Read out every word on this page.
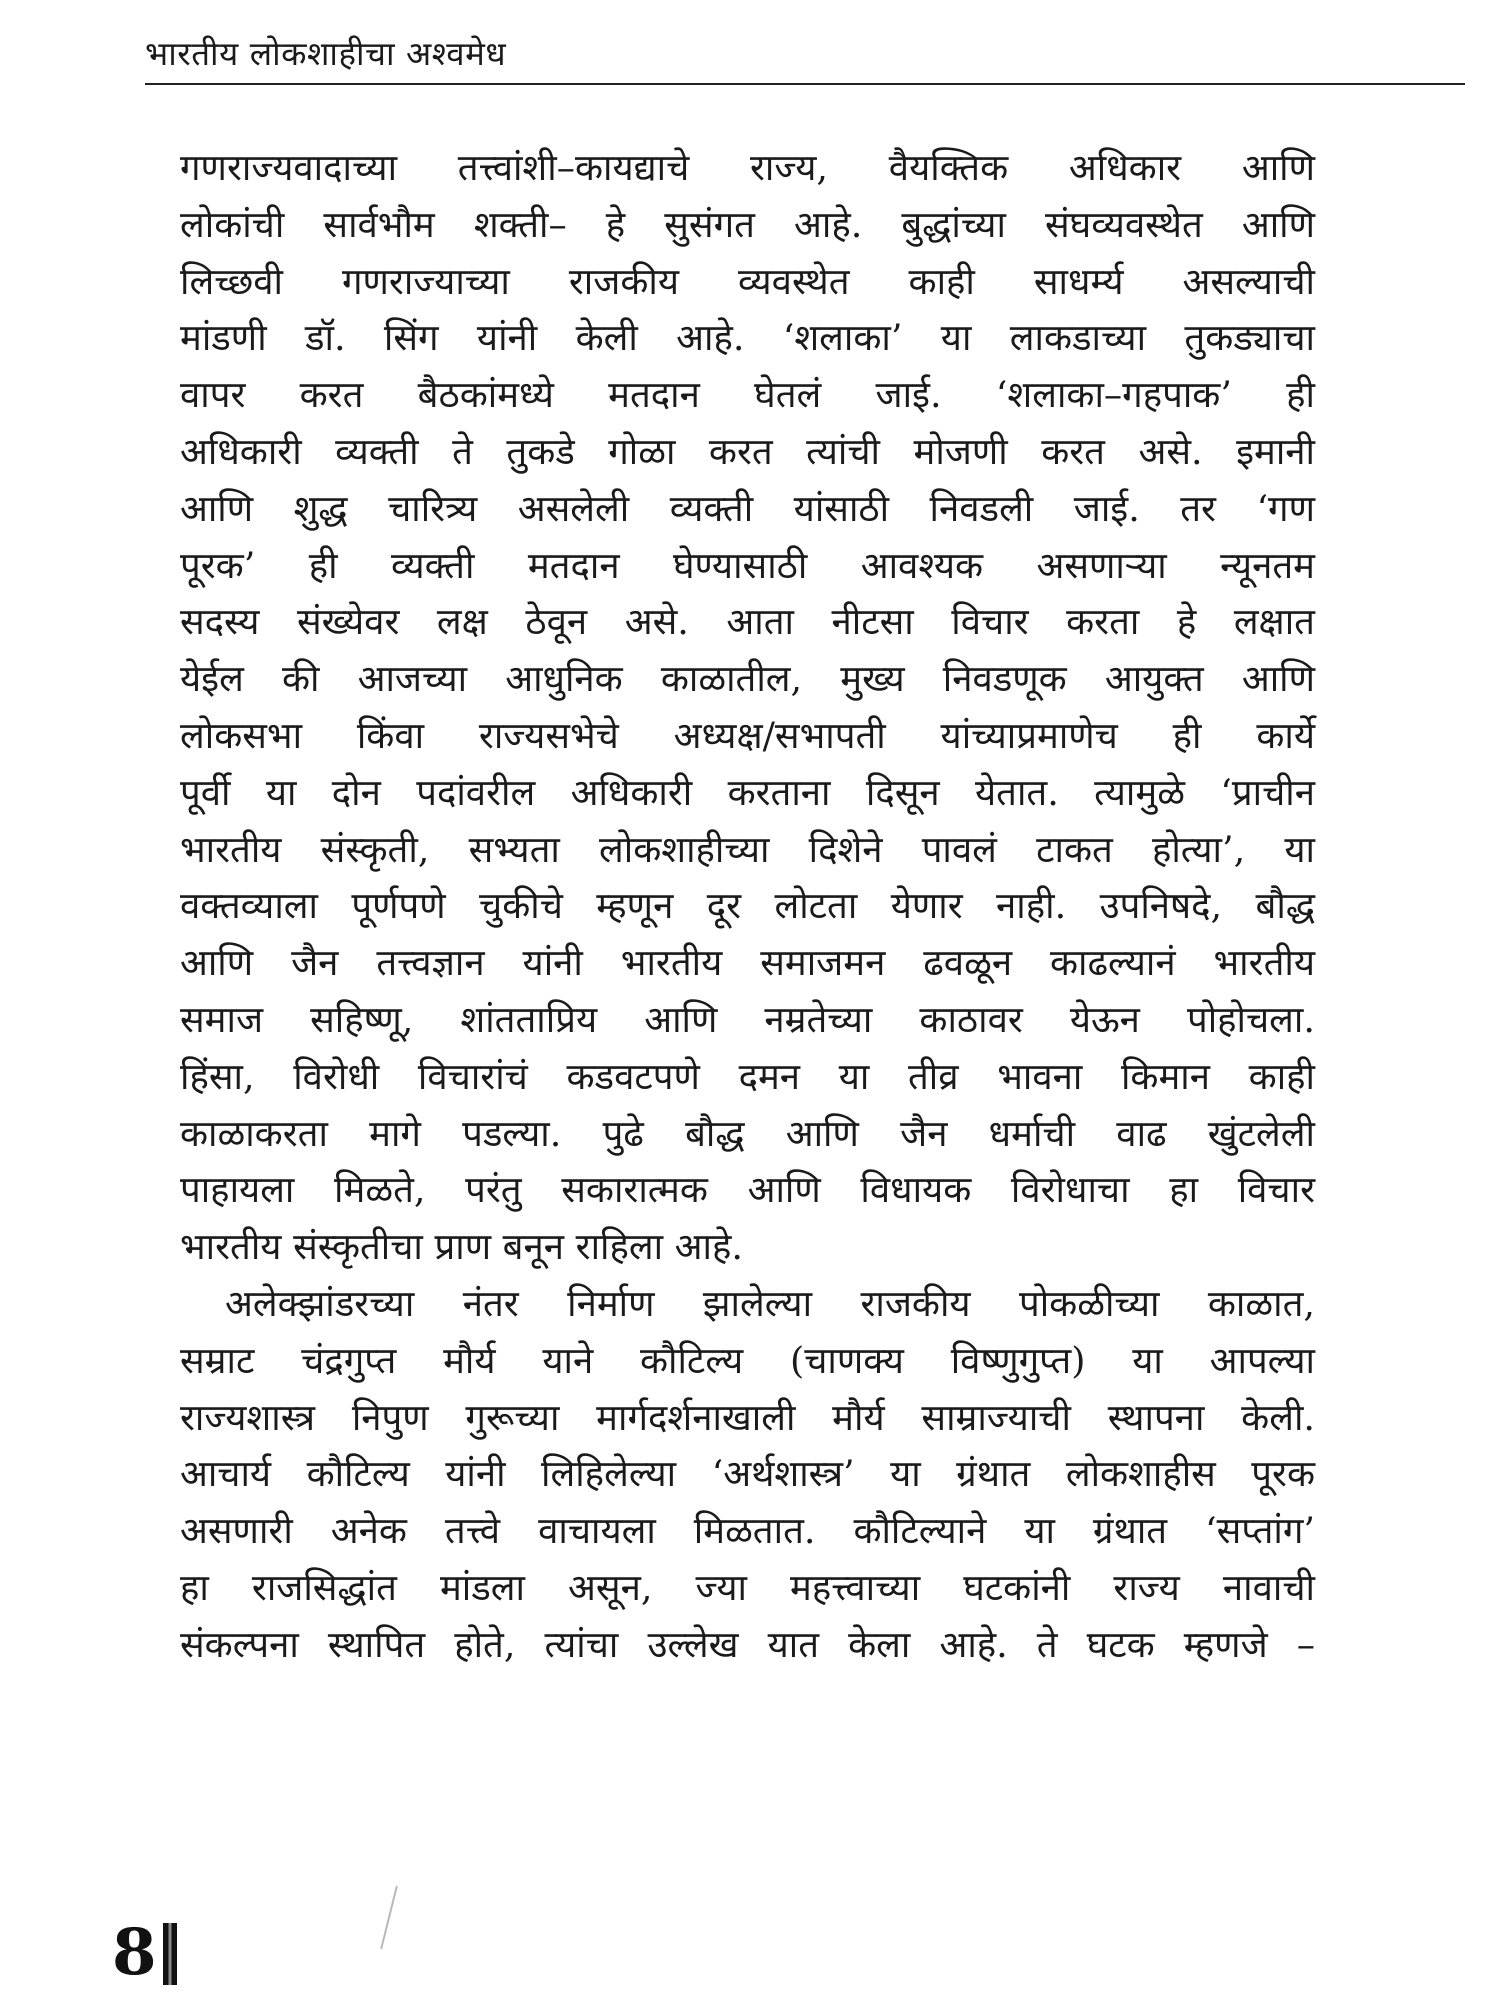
भारतीय लोकशाहीचा अश्वमेध

गणराज्यवादाच्या तत्त्वांशी–कायद्याचे राज्य, वैयक्तिक अधिकार आणि

लोकांची सार्वभौम शक्ती– हे सुसंगत आहे. बुद्धांच्या संघव्यवस्थेत आणि

लिच्छवी गणराज्याच्या राजकीय व्यवस्थेत काही साधर्म्य असल्याची

मांडणी डॉ. सिंग यांनी केली आहे. ‘शलाका’ या लाकडाच्या तुकड्याचा

वापर करत बैठकांमध्ये मतदान घेतलं जाई. ‘शलाका–गहपाक’ ही

अधिकारी व्यक्ती ते तुकडे गोळा करत त्यांची मोजणी करत असे. इमानी

आणि शुद्ध चारित्र्य असलेली व्यक्ती यांसाठी निवडली जाई. तर ‘गण

पूरक’ ही व्यक्ती मतदान घेण्यासाठी आवश्यक असणाऱ्या न्यूनतम

सदस्य संख्येवर लक्ष ठेवून असे. आता नीटसा विचार करता हे लक्षात

येईल की आजच्या आधुनिक काळातील, मुख्य निवडणूक आयुक्त आणि

लोकसभा किंवा राज्यसभेचे अध्यक्ष/सभापती यांच्याप्रमाणेच ही कार्ये

पूर्वी या दोन पदांवरील अधिकारी करताना दिसून येतात. त्यामुळे ‘प्राचीन

भारतीय संस्कृती, सभ्यता लोकशाहीच्या दिशेने पावलं टाकत होत्या’, या

वक्तव्याला पूर्णपणे चुकीचे म्हणून दूर लोटता येणार नाही. उपनिषदे, बौद्ध

आणि जैन तत्त्वज्ञान यांनी भारतीय समाजमन ढवळून काढल्यानं भारतीय

समाज सहिष्णू, शांतताप्रिय आणि नम्रतेच्या काठावर येऊन पोहोचला.

हिंसा, विरोधी विचारांचं कडवटपणे दमन या तीव्र भावना किमान काही

काळाकरता मागे पडल्या. पुढे बौद्ध आणि जैन धर्माची वाढ खुंटलेली

पाहायला मिळते, परंतु सकारात्मक आणि विधायक विरोधाचा हा विचार

भारतीय संस्कृतीचा प्राण बनून राहिला आहे.

अलेक्झांडरच्या नंतर निर्माण झालेल्या राजकीय पोकळीच्या काळात,

सम्राट चंद्रगुप्त मौर्य याने कौटिल्य (चाणक्य विष्णुगुप्त) या आपल्या

राज्यशास्त्र निपुण गुरूच्या मार्गदर्शनाखाली मौर्य साम्राज्याची स्थापना केली.

आचार्य कौटिल्य यांनी लिहिलेल्या ‘अर्थशास्त्र’ या ग्रंथात लोकशाहीस पूरक

असणारी अनेक तत्त्वे वाचायला मिळतात. कौटिल्याने या ग्रंथात ‘सप्तांग’

हा राजसिद्धांत मांडला असून, ज्या महत्त्वाच्या घटकांनी राज्य नावाची

संकल्पना स्थापित होते, त्यांचा उल्लेख यात केला आहे. ते घटक म्हणजे –

8
